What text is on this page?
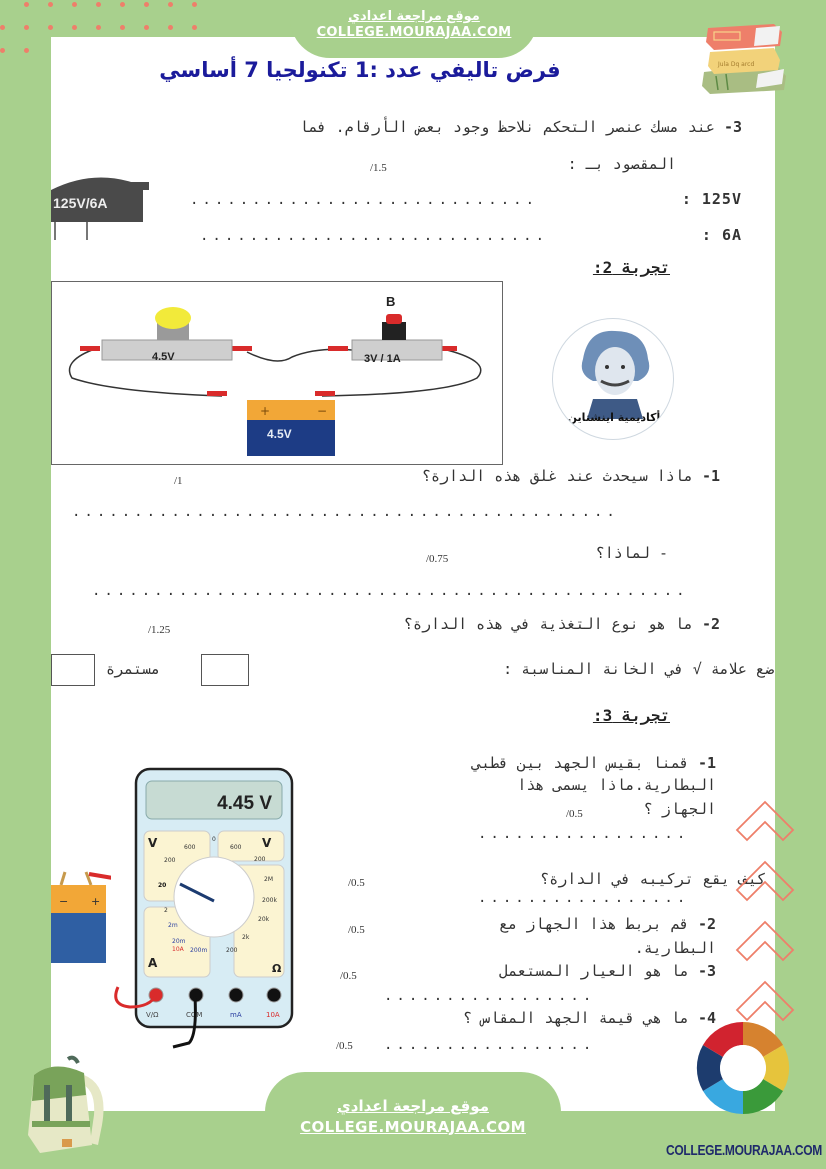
موقع مراجعة اعدادي
COLLEGE.MOURAJAA.COM
فرض تاليفي عدد :1 تكنولجيا 7 أساسي	Jula Dq arcd
3- عند مسك عنصر التحكم نلاحظ وجود بعض الأرقام. فما
المقصود بـ :
/1.5
125V/6A	............................	125V :
............................	6A :
تجربة 2:
4.5V
B
3V / 1A
+	−
4.5V
أكاديمية اينشتاين
1- ماذا سيحدث عند غلق هذه الدارة؟
/1
............................................
- لماذا؟
/0.75
................................................
2- ما هو نوع التغذية في هذه الدارة؟
/1.25
ضع علامة √ في الخانة المناسبة :
مستمرة
تجربة 3:
− +
4.45 V
V	V
A	Ω
0
600
200
20
2
600
200
2M
200k
20k
2k
200
2m
20m
10A 200m
V/Ω	COM	mA	10A
1- قمنا بقيس الجهد بين قطبي
البطارية.ماذا يسمى هذا
الجهاز ؟
/0.5
.................
كيف يقع تركيبه في الدارة؟
/0.5
.................
2- قم بربط هذا الجهاز مع
/0.5
البطارية.
3- ما هو العيار المستعمل
/0.5
.................
4- ما هي قيمة الجهد المقاس ؟
/0.5 .................
موقع مراجعة اعدادي
COLLEGE.MOURAJAA.COM
COLLEGE.MOURAJAA.COM
